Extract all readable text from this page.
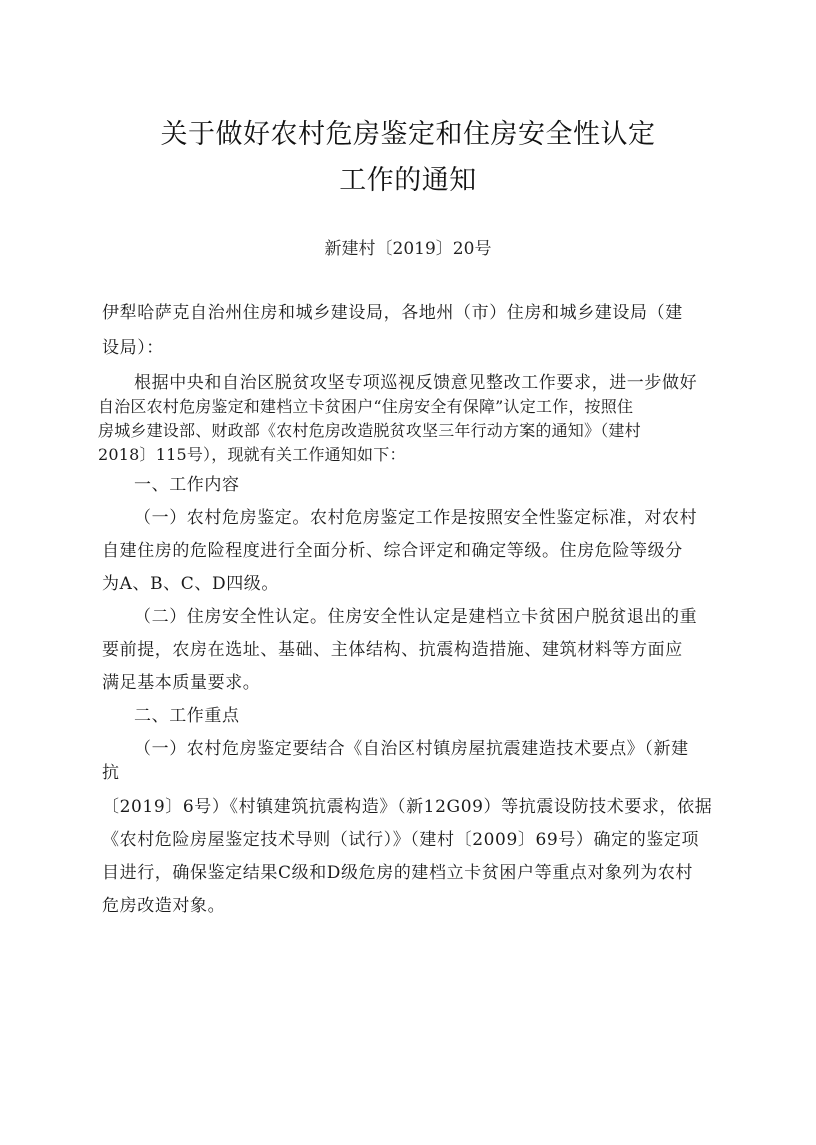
关于做好农村危房鉴定和住房安全性认定

工作的通知

新建村〔2019〕20号

伊犁哈萨克自治州住房和城乡建设局，各地州（市）住房和城乡建设局（建

设局）：

根据中央和自治区脱贫攻坚专项巡视反馈意见整改工作要求，进一步做好

自治区农村危房鉴定和建档立卡贫困户“住房安全有保障”认定工作，按照住

房城乡建设部、财政部《农村危房改造脱贫攻坚三年行动方案的通知》（建村

2018〕115号），现就有关工作通知如下：

一、工作内容

（一）农村危房鉴定。农村危房鉴定工作是按照安全性鉴定标准，对农村

自建住房的危险程度进行全面分析、综合评定和确定等级。住房危险等级分

为A、B、C、D四级。

（二）住房安全性认定。住房安全性认定是建档立卡贫困户脱贫退出的重

要前提，农房在选址、基础、主体结构、抗震构造措施、建筑材料等方面应

满足基本质量要求。

二、工作重点

（一）农村危房鉴定要结合《自治区村镇房屋抗震建造技术要点》（新建

抗

〔2019〕6号）《村镇建筑抗震构造》（新12G09）等抗震设防技术要求，依据

《农村危险房屋鉴定技术导则（试行）》（建村〔2009〕69号）确定的鉴定项

目进行，确保鉴定结果C级和D级危房的建档立卡贫困户等重点对象列为农村

危房改造对象。
